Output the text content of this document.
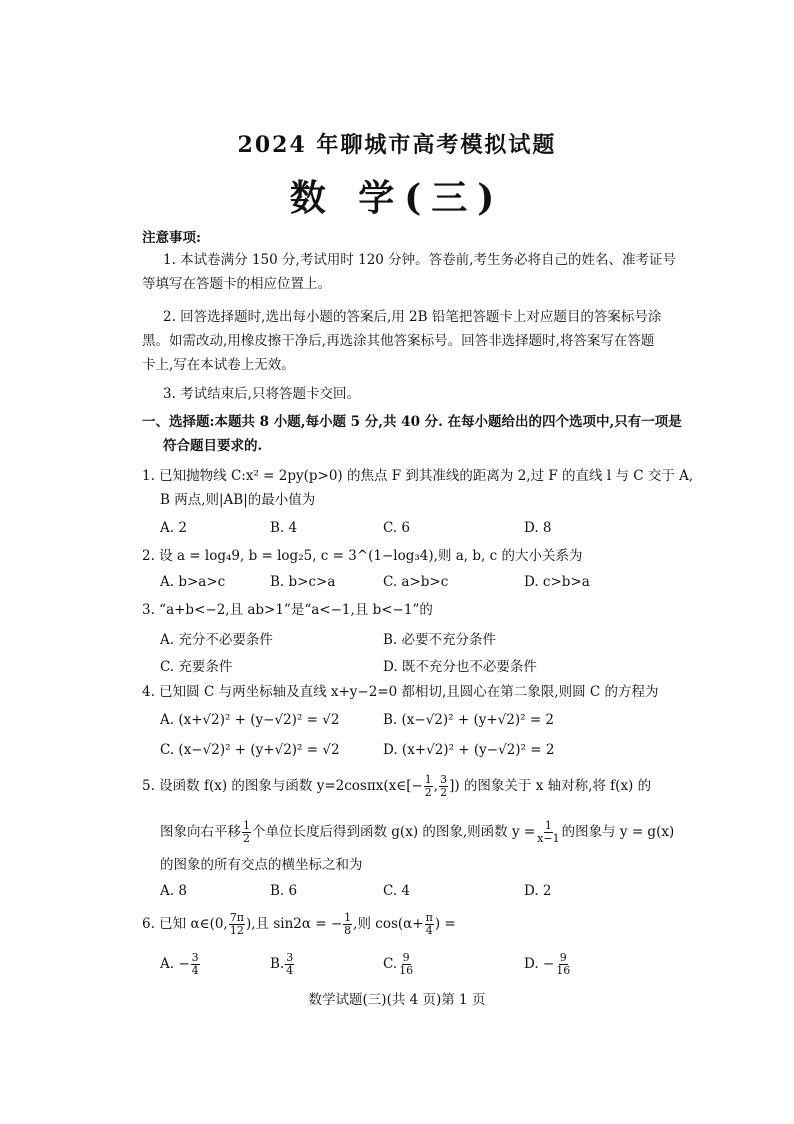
2024 年聊城市高考模拟试题
数 学(三)
注意事项:
1. 本试卷满分 150 分,考试用时 120 分钟。答卷前,考生务必将自己的姓名、准考证号
等填写在答题卡的相应位置上。
2. 回答选择题时,选出每小题的答案后,用 2B 铅笔把答题卡上对应题目的答案标号涂
黑。如需改动,用橡皮擦干净后,再选涂其他答案标号。回答非选择题时,将答案写在答题
卡上,写在本试卷上无效。
3. 考试结束后,只将答题卡交回。
一、选择题:本题共 8 小题,每小题 5 分,共 40 分. 在每小题给出的四个选项中,只有一项是
符合题目要求的.
1. 已知抛物线 C:x² = 2py(p>0) 的焦点 F 到其准线的距离为 2,过 F 的直线 l 与 C 交于 A,
B 两点,则|AB|的最小值为
A. 2	B. 4	C. 6	D. 8
2. 设 a = log₄9, b = log₂5, c = 3^(1−log₃4),则 a, b, c 的大小关系为
A. b>a>c	B. b>c>a	C. a>b>c	D. c>b>a
3. “a+b<−2,且 ab>1”是“a<−1,且 b<−1”的
A. 充分不必要条件	B. 必要不充分条件
C. 充要条件	D. 既不充分也不必要条件
4. 已知圆 C 与两坐标轴及直线 x+y−2=0 都相切,且圆心在第二象限,则圆 C 的方程为
A. (x+√2)² + (y−√2)² = √2	B. (x−√2)² + (y+√2)² = 2
C. (x−√2)² + (y+√2)² = √2	D. (x+√2)² + (y−√2)² = 2
5. 设函数 f(x) 的图象与函数 y=2cosπx(x∈[− $\frac{1}{2}$ , $\frac{3}{2}$ ]) 的图象关于 x 轴对称,将 f(x) 的
图象向右平移 $\frac{1}{2}$ 个单位长度后得到函数 g(x) 的图象,则函数 $y = \frac{1}{x-1}$ 的图象与 y = g(x)
的图象的所有交点的横坐标之和为
A. 8	B. 6	C. 4	D. 2
6. 已知 α∈(0, $\frac{7\pi}{12}$ ),且 sin2α = − $\frac{1}{8}$ ,则 $\cos(\alpha+ \frac{\pi}{4}$ ) =
A. − $\frac{3}{4}$	B. $\frac{3}{4}$	C. $\frac{9}{16}$	D. − $\frac{9}{16}$
数学试题(三)(共 4 页)第 1 页
